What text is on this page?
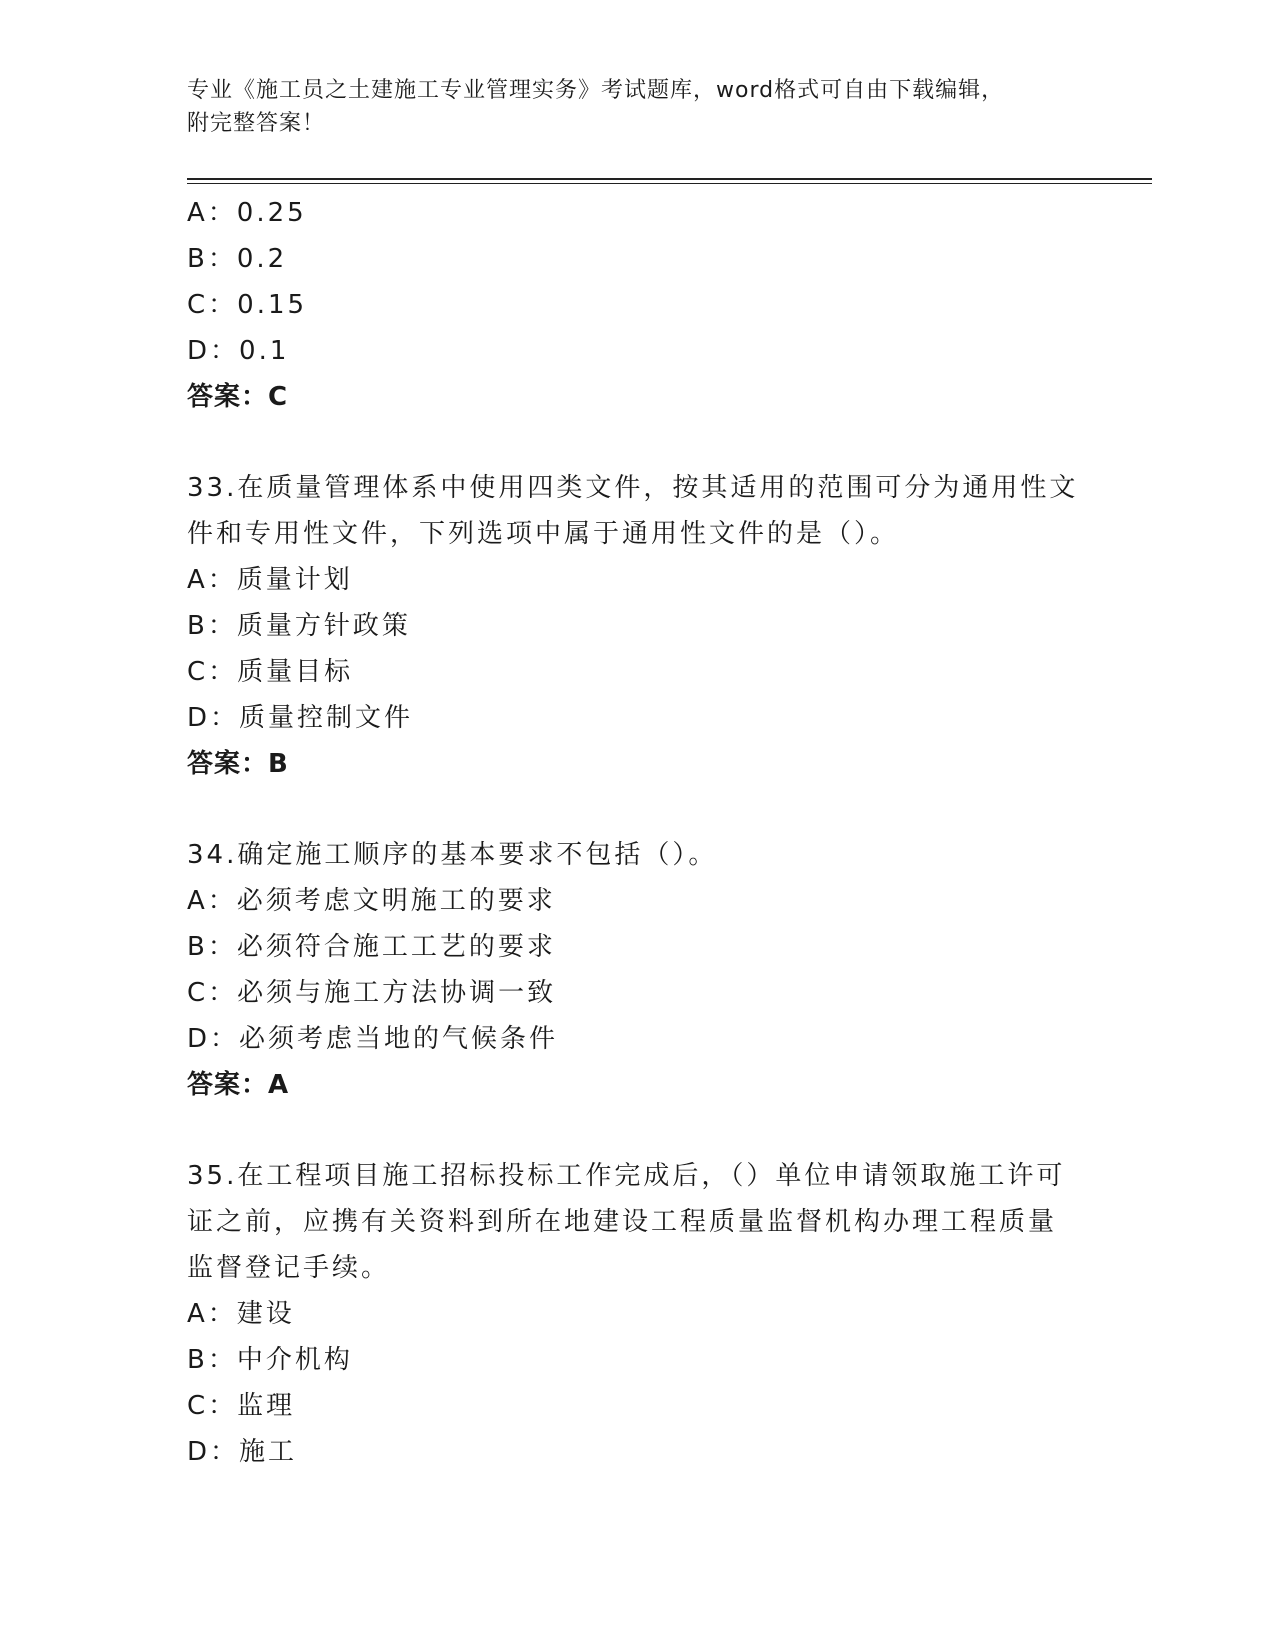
专业《施工员之土建施工专业管理实务》考试题库，word格式可自由下载编辑，
附完整答案！
A：0.25
B：0.2
C：0.15
D：0.1
答案：C
33.在质量管理体系中使用四类文件，按其适用的范围可分为通用性文
件和专用性文件，下列选项中属于通用性文件的是（）。
A：质量计划
B：质量方针政策
C：质量目标
D：质量控制文件
答案：B
34.确定施工顺序的基本要求不包括（）。
A：必须考虑文明施工的要求
B：必须符合施工工艺的要求
C：必须与施工方法协调一致
D：必须考虑当地的气候条件
答案：A
35.在工程项目施工招标投标工作完成后，（）单位申请领取施工许可
证之前，应携有关资料到所在地建设工程质量监督机构办理工程质量
监督登记手续。
A：建设
B：中介机构
C：监理
D：施工
